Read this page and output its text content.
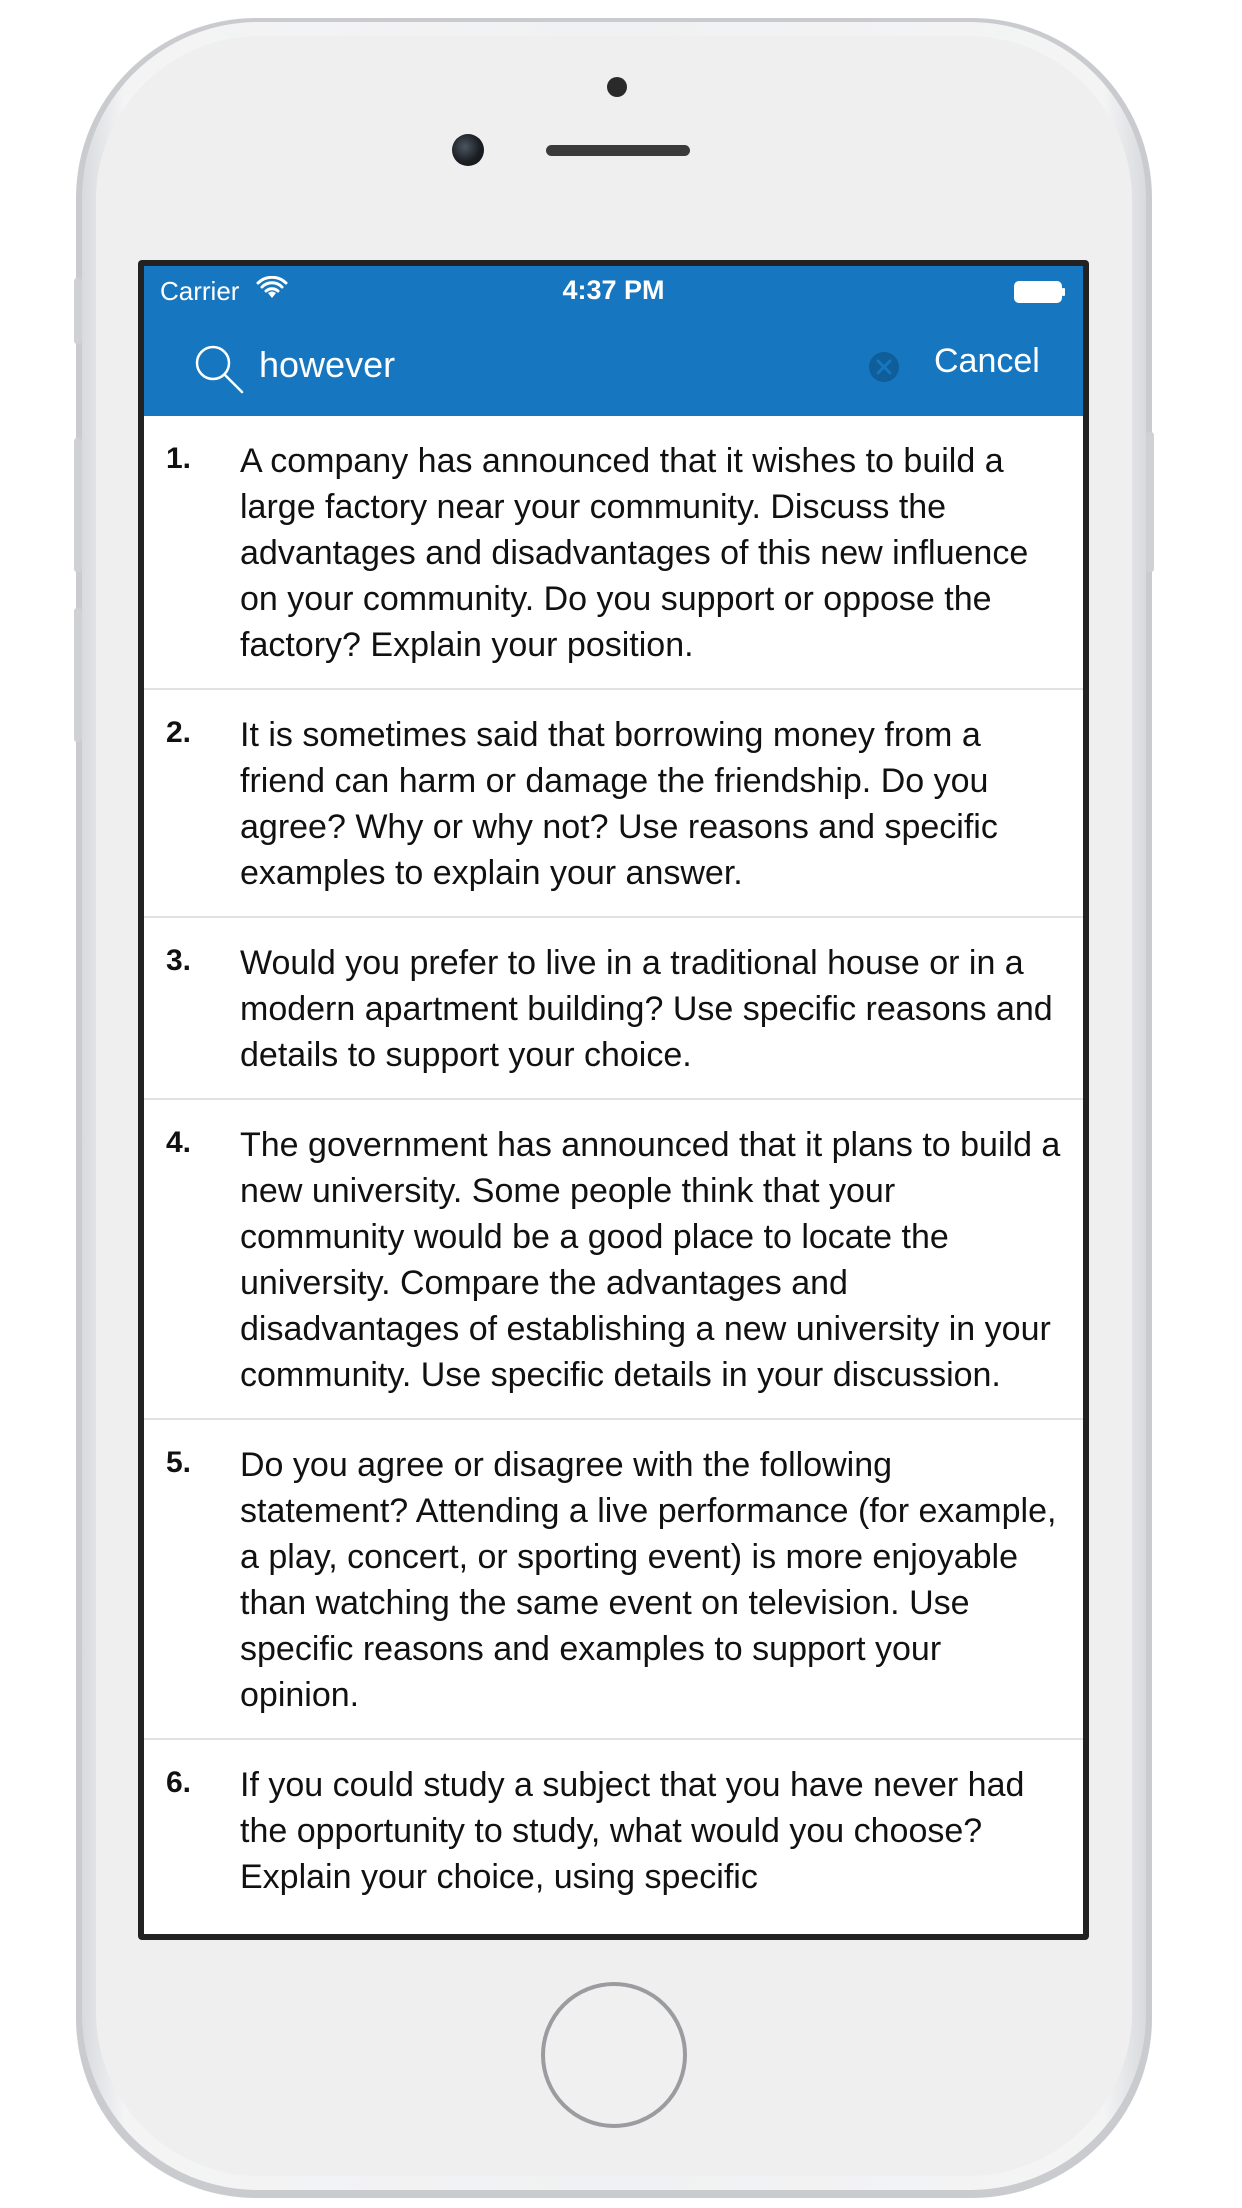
Carrier	4:37 PM
however
Cancel
1. A company has announced that it wishes to build a large factory near your community. Discuss the advantages and disadvantages of this new influence on your community. Do you support or oppose the factory? Explain your position.
2. It is sometimes said that borrowing money from a friend can harm or damage the friendship. Do you agree? Why or why not? Use reasons and specific examples to explain your answer.
3. Would you prefer to live in a traditional house or in a modern apartment building? Use specific reasons and details to support your choice.
4. The government has announced that it plans to build a new university. Some people think that your community would be a good place to locate the university. Compare the advantages and disadvantages of establishing a new university in your community. Use specific details in your discussion.
5. Do you agree or disagree with the following statement? Attending a live performance (for example, a play, concert, or sporting event) is more enjoyable than watching the same event on television. Use specific reasons and examples to support your opinion.
6. If you could study a subject that you have never had the opportunity to study, what would you choose? Explain your choice, using specific
